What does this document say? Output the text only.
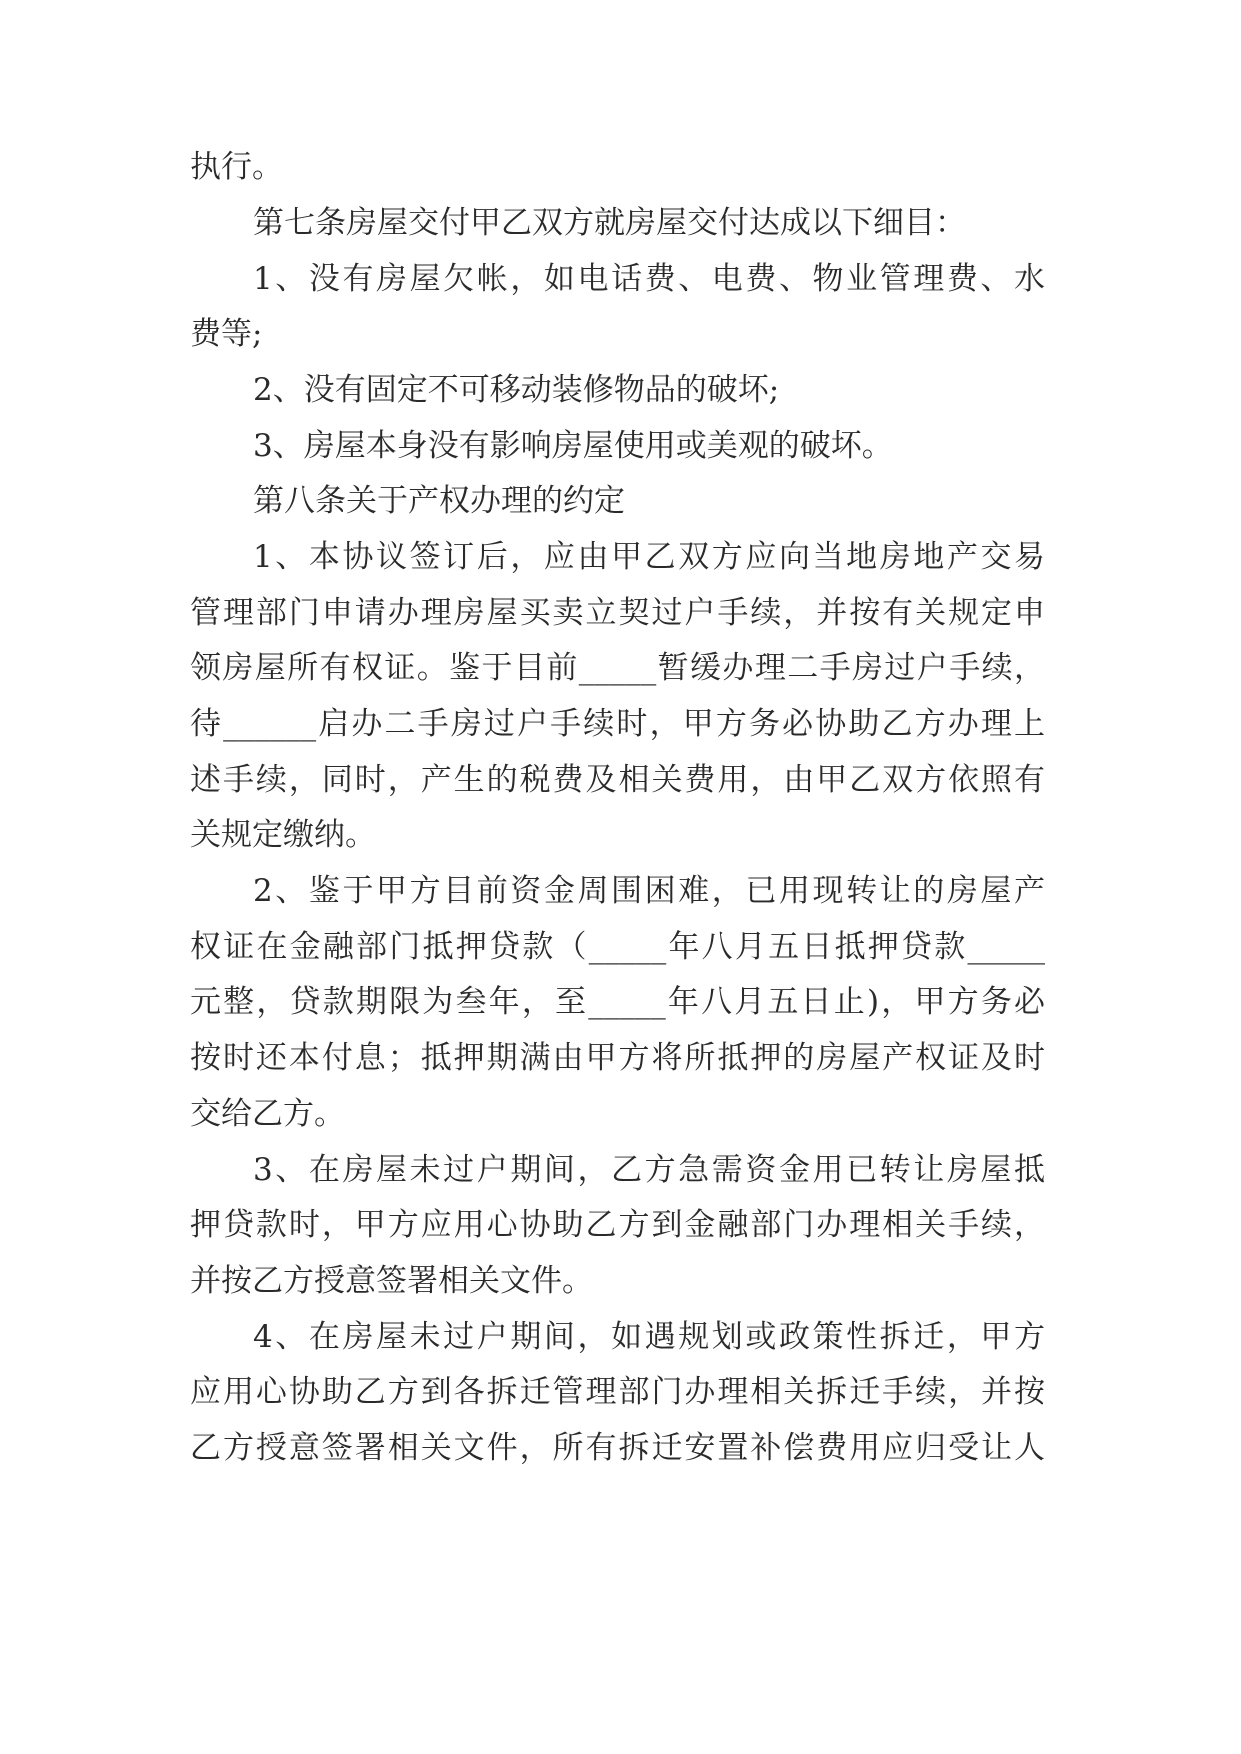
执行。

第七条房屋交付甲乙双方就房屋交付达成以下细目：

1、没有房屋欠帐，如电话费、电费、物业管理费、水

费等;

2、没有固定不可移动装修物品的破坏;

3、房屋本身没有影响房屋使用或美观的破坏。

第八条关于产权办理的约定

1、本协议签订后，应由甲乙双方应向当地房地产交易

管理部门申请办理房屋买卖立契过户手续，并按有关规定申

领房屋所有权证。鉴于目前_____暂缓办理二手房过户手续，

待______启办二手房过户手续时，甲方务必协助乙方办理上

述手续，同时，产生的税费及相关费用，由甲乙双方依照有

关规定缴纳。

2、鉴于甲方目前资金周围困难，已用现转让的房屋产

权证在金融部门抵押贷款（_____年八月五日抵押贷款_____

元整，贷款期限为叁年，至_____年八月五日止)，甲方务必

按时还本付息；抵押期满由甲方将所抵押的房屋产权证及时

交给乙方。

3、在房屋未过户期间，乙方急需资金用已转让房屋抵

押贷款时，甲方应用心协助乙方到金融部门办理相关手续，

并按乙方授意签署相关文件。

4、在房屋未过户期间，如遇规划或政策性拆迁，甲方

应用心协助乙方到各拆迁管理部门办理相关拆迁手续，并按

乙方授意签署相关文件，所有拆迁安置补偿费用应归受让人
